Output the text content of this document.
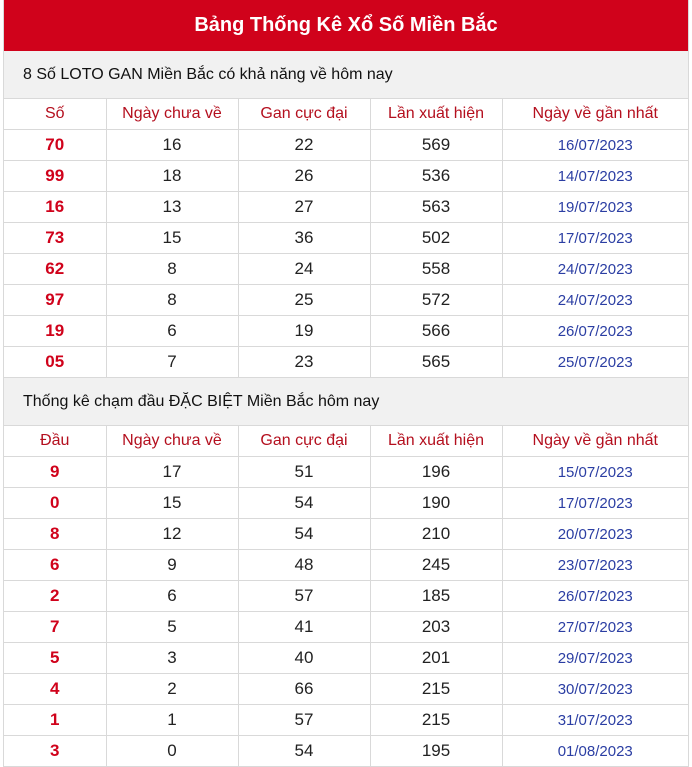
Bảng Thống Kê Xổ Số Miền Bắc
8 Số LOTO GAN Miền Bắc có khả năng về hôm nay
Số	Ngày chưa về	Gan cực đại	Lần xuất hiện	Ngày về gần nhất
70	16	22	569	16/07/2023
99	18	26	536	14/07/2023
16	13	27	563	19/07/2023
73	15	36	502	17/07/2023
62	8	24	558	24/07/2023
97	8	25	572	24/07/2023
19	6	19	566	26/07/2023
05	7	23	565	25/07/2023
Thống kê chạm đầu ĐẶC BIỆT Miền Bắc hôm nay
Đầu	Ngày chưa về	Gan cực đại	Lần xuất hiện	Ngày về gần nhất
9	17	51	196	15/07/2023
0	15	54	190	17/07/2023
8	12	54	210	20/07/2023
6	9	48	245	23/07/2023
2	6	57	185	26/07/2023
7	5	41	203	27/07/2023
5	3	40	201	29/07/2023
4	2	66	215	30/07/2023
1	1	57	215	31/07/2023
3	0	54	195	01/08/2023
